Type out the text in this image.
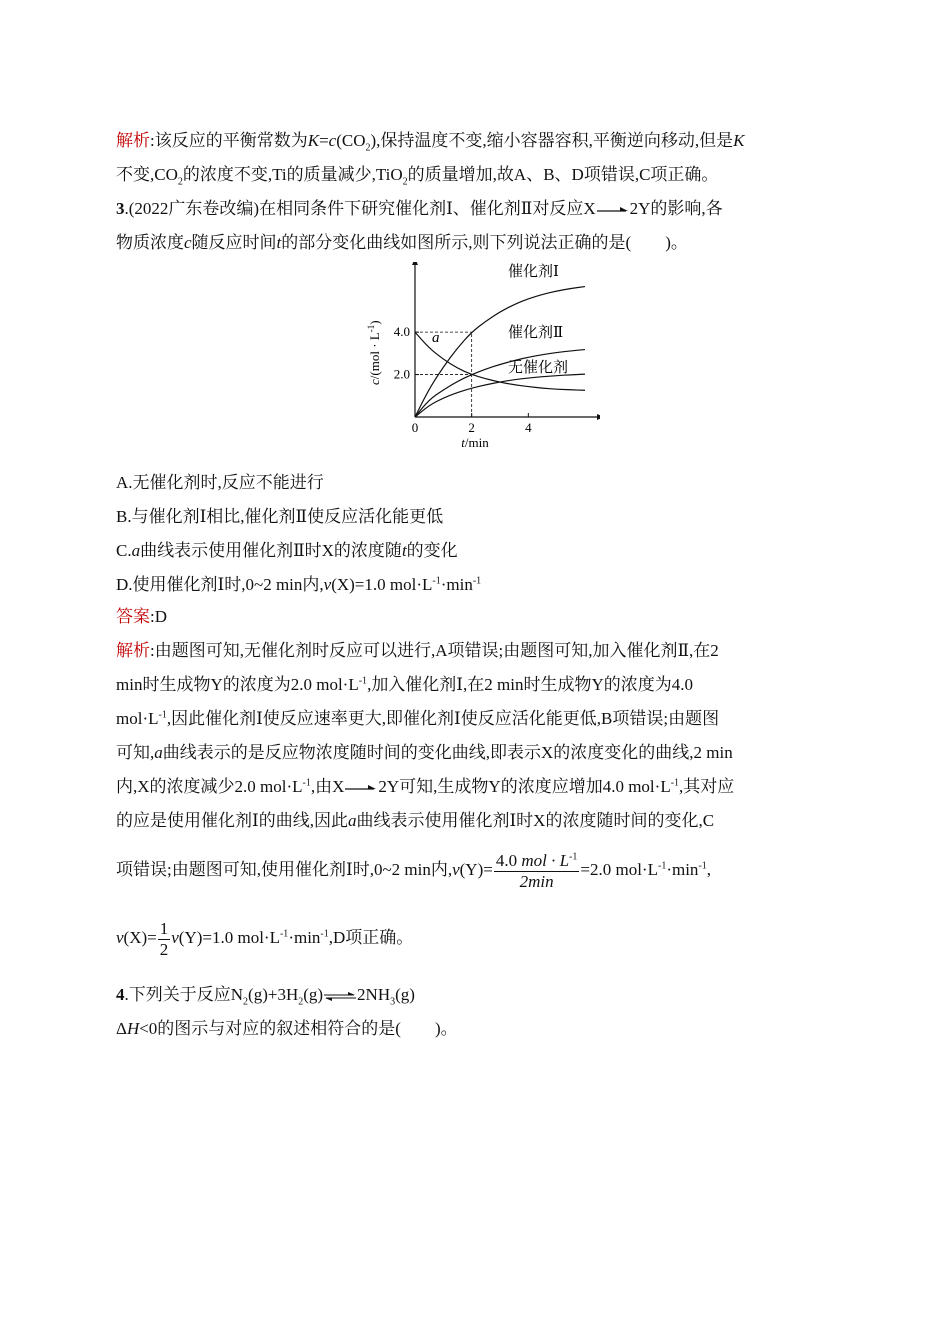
解析:该反应的平衡常数为$K=c(CO_2)$,保持温度不变,缩小容器容积,平衡逆向移动,但是K
不变$,CO_2$的浓度不变,Ti的质量减少,TiO$_2$的质量增加,故A、B、D项错误,C项正确。
3.(2022广东卷改编)在相同条件下研究催化剂Ⅰ、催化剂Ⅱ对反应X→2Y的影响,各
物质浓度c随反应时间t的部分变化曲线如图所示,则下列说法正确的是(　　)。
0	2	4
2.0
4.0
催化剂Ⅰ
催化剂Ⅱ
无催化剂
a
t/min
$c/(mol \cdot L^{-1})$
A.无催化剂时,反应不能进行
B.与催化剂Ⅰ相比,催化剂Ⅱ使反应活化能更低
C.a曲线表示使用催化剂Ⅱ时X的浓度随t的变化
D.使用催化剂Ⅰ时,0~2 min内,v(X)=1.0 $mol\cdot L^{-1}\cdot\min^{-1}$
答案:D
解析:由题图可知,无催化剂时反应可以进行,A项错误;由题图可知,加入催化剂Ⅱ,在2
min时生成物Y的浓度为2.0 $mol\cdot L^{-1}$,加入催化剂Ⅰ,在2 min时生成物Y的浓度为4.0
$mol\cdot L^{-1}$,因此催化剂Ⅰ使反应速率更大,即催化剂Ⅰ使反应活化能更低,B项错误;由题图
可知,a曲线表示的是反应物浓度随时间的变化曲线,即表示X的浓度变化的曲线,2 min
内,X的浓度减少2.0 $mol\cdot L^{-1}$,由X→2Y可知,生成物Y的浓度应增加4.0 $mol\cdot L^{-1}$,其对应
的应是使用催化剂Ⅰ的曲线,因此a曲线表示使用催化剂Ⅰ时X的浓度随时间的变化,C
项错误;由题图可知,使用催化剂Ⅰ时,0~2 min内$,v(Y)= \frac{4.0 mol \cdot L^{-1}}{2\min} =2.0$ $mol\cdot L^{-1}\cdot\min^{-1}$,
$v(X)= \frac{1}{2} v(Y)=1.0$ $mol\cdot L^{-1}\cdot\min^{-1},D$项正确。
4.下列关于反应$N_2(g)+3H_2(g)\rightleftharpoons 2NH_3(g)$
ΔH<0的图示与对应的叙述相符合的是(　　)。
